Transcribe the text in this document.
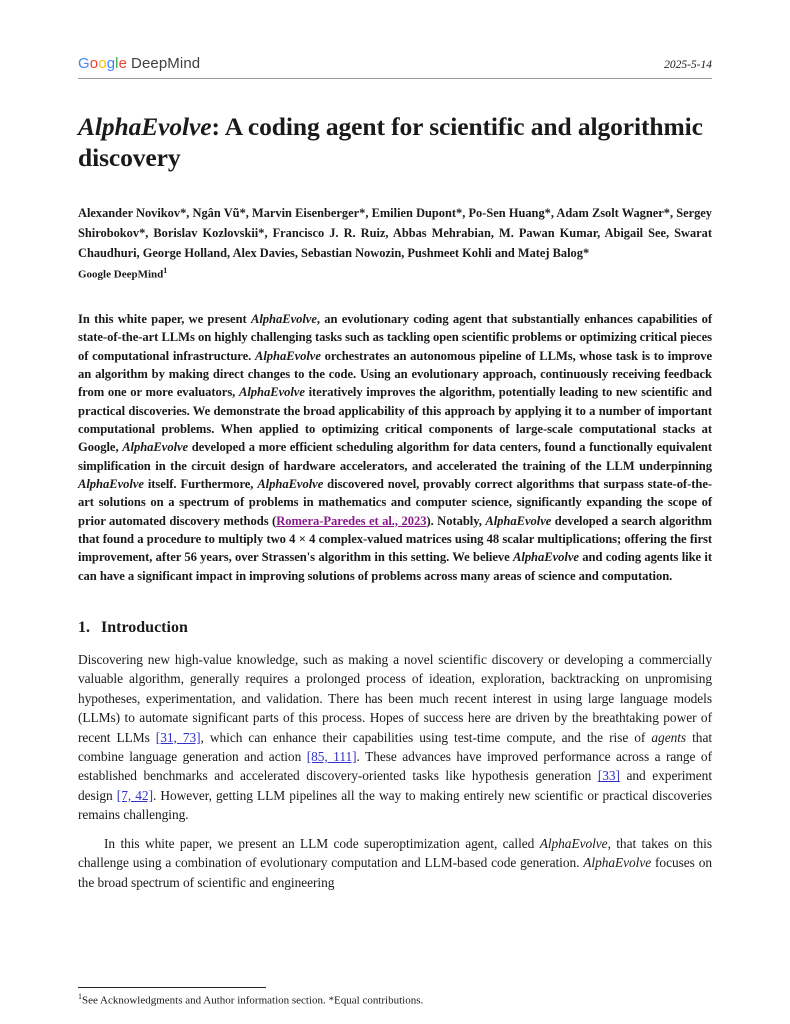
Google DeepMind	2025-5-14
AlphaEvolve: A coding agent for scientific and algorithmic discovery
Alexander Novikov*, Ngân Vũ*, Marvin Eisenberger*, Emilien Dupont*, Po-Sen Huang*, Adam Zsolt Wagner*, Sergey Shirobokov*, Borislav Kozlovskii*, Francisco J. R. Ruiz, Abbas Mehrabian, M. Pawan Kumar, Abigail See, Swarat Chaudhuri, George Holland, Alex Davies, Sebastian Nowozin, Pushmeet Kohli and Matej Balog*
Google DeepMind$^1$
In this white paper, we present AlphaEvolve, an evolutionary coding agent that substantially enhances capabilities of state-of-the-art LLMs on highly challenging tasks such as tackling open scientific problems or optimizing critical pieces of computational infrastructure. AlphaEvolve orchestrates an autonomous pipeline of LLMs, whose task is to improve an algorithm by making direct changes to the code. Using an evolutionary approach, continuously receiving feedback from one or more evaluators, AlphaEvolve iteratively improves the algorithm, potentially leading to new scientific and practical discoveries. We demonstrate the broad applicability of this approach by applying it to a number of important computational problems. When applied to optimizing critical components of large-scale computational stacks at Google, AlphaEvolve developed a more efficient scheduling algorithm for data centers, found a functionally equivalent simplification in the circuit design of hardware accelerators, and accelerated the training of the LLM underpinning AlphaEvolve itself. Furthermore, AlphaEvolve discovered novel, provably correct algorithms that surpass state-of-the-art solutions on a spectrum of problems in mathematics and computer science, significantly expanding the scope of prior automated discovery methods (Romera-Paredes et al., 2023). Notably, AlphaEvolve developed a search algorithm that found a procedure to multiply two 4 × 4 complex-valued matrices using 48 scalar multiplications; offering the first improvement, after 56 years, over Strassen's algorithm in this setting. We believe AlphaEvolve and coding agents like it can have a significant impact in improving solutions of problems across many areas of science and computation.
1. Introduction
Discovering new high-value knowledge, such as making a novel scientific discovery or developing a commercially valuable algorithm, generally requires a prolonged process of ideation, exploration, backtracking on unpromising hypotheses, experimentation, and validation. There has been much recent interest in using large language models (LLMs) to automate significant parts of this process. Hopes of success here are driven by the breathtaking power of recent LLMs [31, 73], which can enhance their capabilities using test-time compute, and the rise of agents that combine language generation and action [85, 111]. These advances have improved performance across a range of established benchmarks and accelerated discovery-oriented tasks like hypothesis generation [33] and experiment design [7, 42]. However, getting LLM pipelines all the way to making entirely new scientific or practical discoveries remains challenging.
In this white paper, we present an LLM code superoptimization agent, called AlphaEvolve, that takes on this challenge using a combination of evolutionary computation and LLM-based code generation. AlphaEvolve focuses on the broad spectrum of scientific and engineering
$^1$See Acknowledgments and Author information section. *Equal contributions.
